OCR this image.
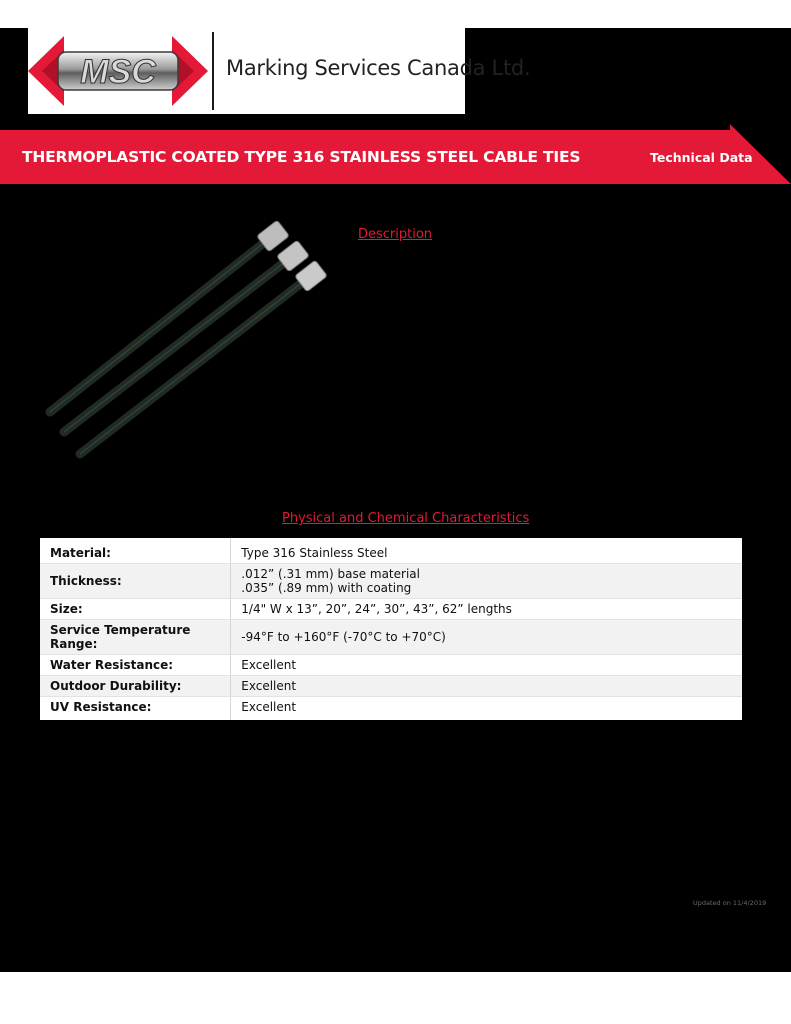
MSC	Marking Services Canada Ltd.
THERMOPLASTIC COATED TYPE 316 STAINLESS STEEL CABLE TIES	Technical Data
Description
Physical and Chemical Characteristics
Material:	Type 316 Stainless Steel
Thickness:	.012” (.31 mm) base material
.035” (.89 mm) with coating

Size:	1/4" W x 13”, 20”, 24”, 30”, 43”, 62” lengths
Service Temperature Range:	-94°F to +160°F (-70°C to +70°C)
Water Resistance:	Excellent
Outdoor Durability:	Excellent
UV Resistance:	Excellent
Updated on 11/4/2019
